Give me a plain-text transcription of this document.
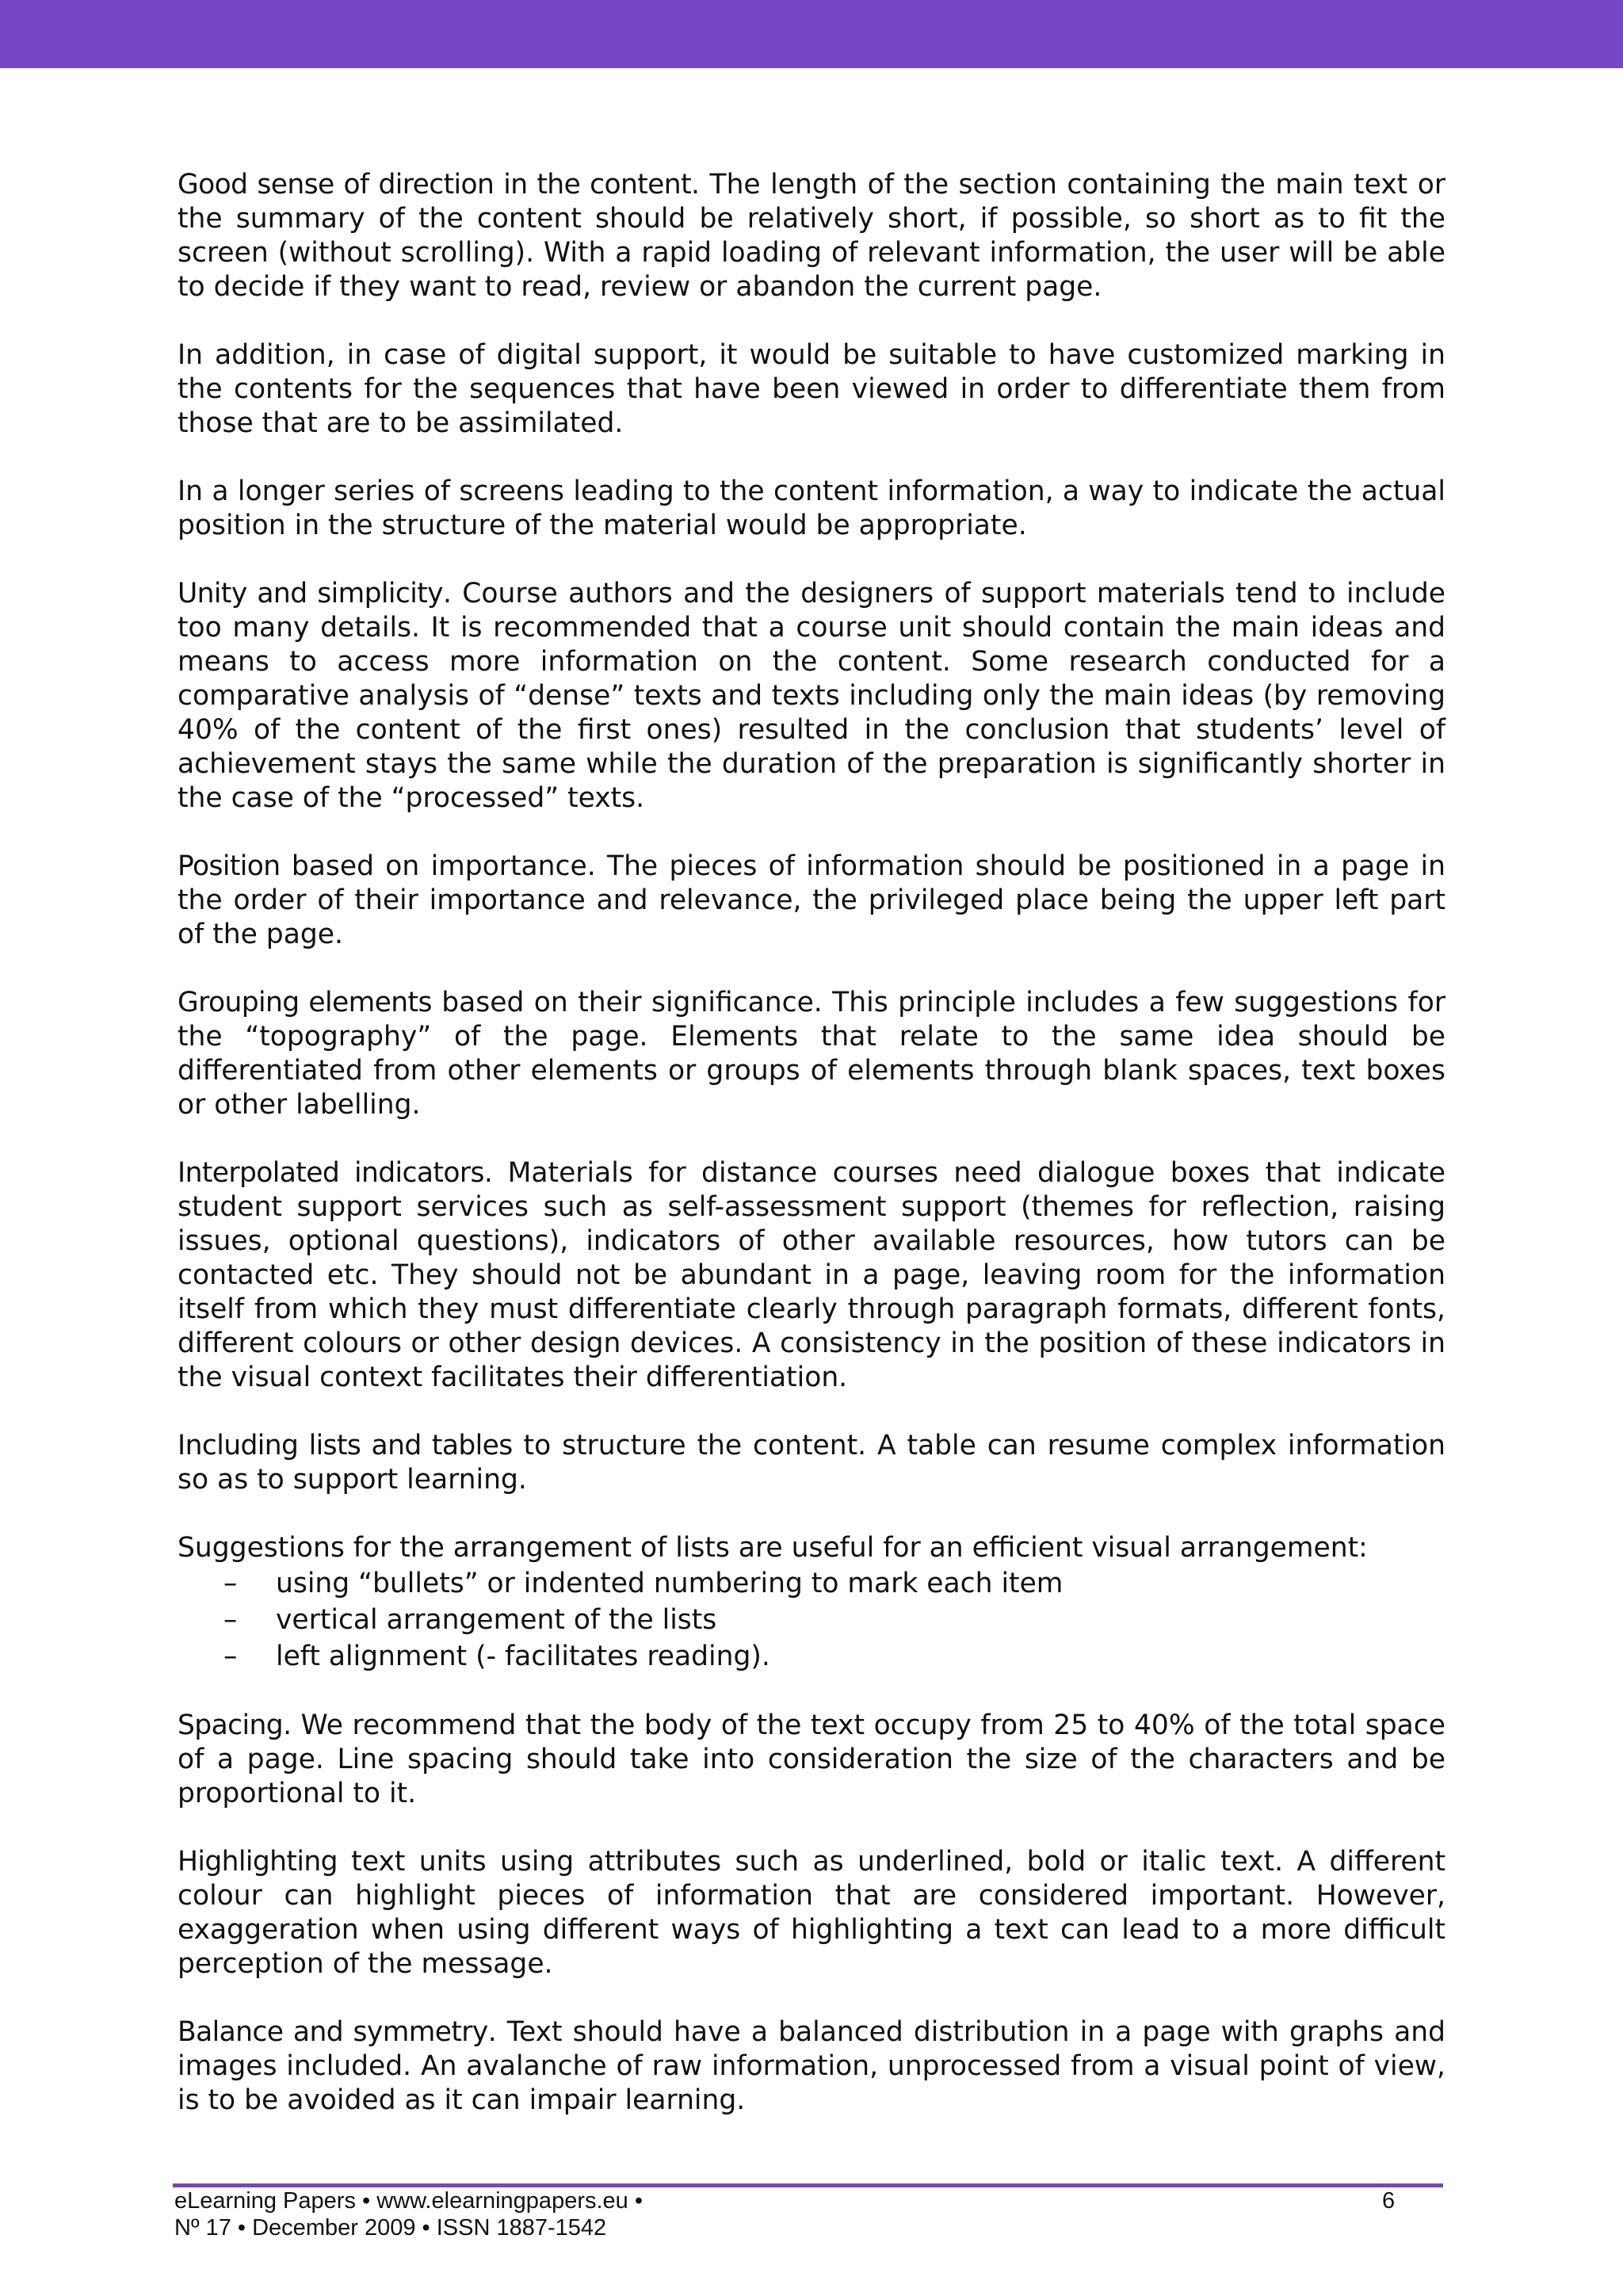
Good sense of direction in the content. The length of the section containing the main text or the summary of the content should be relatively short, if possible, so short as to fit the screen (without scrolling). With a rapid loading of relevant information, the user will be able to decide if they want to read, review or abandon the current page.

In addition, in case of digital support, it would be suitable to have customized marking in the contents for the sequences that have been viewed in order to differentiate them from those that are to be assimilated.

In a longer series of screens leading to the content information, a way to indicate the actual position in the structure of the material would be appropriate.

Unity and simplicity. Course authors and the designers of support materials tend to include too many details. It is recommended that a course unit should contain the main ideas and means to access more information on the content. Some research conducted for a comparative analysis of “dense” texts and texts including only the main ideas (by removing 40% of the content of the first ones) resulted in the conclusion that students’ level of achievement stays the same while the duration of the preparation is significantly shorter in the case of the “processed” texts.

Position based on importance. The pieces of information should be positioned in a page in the order of their importance and relevance, the privileged place being the upper left part of the page.

Grouping elements based on their significance. This principle includes a few suggestions for the “topography” of the page. Elements that relate to the same idea should be differentiated from other elements or groups of elements through blank spaces, text boxes or other labelling.

Interpolated indicators. Materials for distance courses need dialogue boxes that indicate student support services such as self-assessment support (themes for reflection, raising issues, optional questions), indicators of other available resources, how tutors can be contacted etc. They should not be abundant in a page, leaving room for the information itself from which they must differentiate clearly through paragraph formats, different fonts, different colours or other design devices. A consistency in the position of these indicators in the visual context facilitates their differentiation.

Including lists and tables to structure the content. A table can resume complex information so as to support learning.

Suggestions for the arrangement of lists are useful for an efficient visual arrangement:

– using “bullets” or indented numbering to mark each item
– vertical arrangement of the lists
– left alignment (- facilitates reading).

Spacing. We recommend that the body of the text occupy from 25 to 40% of the total space of a page. Line spacing should take into consideration the size of the characters and be proportional to it.

Highlighting text units using attributes such as underlined, bold or italic text. A different colour can highlight pieces of information that are considered important. However, exaggeration when using different ways of highlighting a text can lead to a more difficult perception of the message.

Balance and symmetry. Text should have a balanced distribution in a page with graphs and images included. An avalanche of raw information, unprocessed from a visual point of view, is to be avoided as it can impair learning.

eLearning Papers • www.elearningpapers.eu •
Nº 17 • December 2009 • ISSN 1887-1542
6
